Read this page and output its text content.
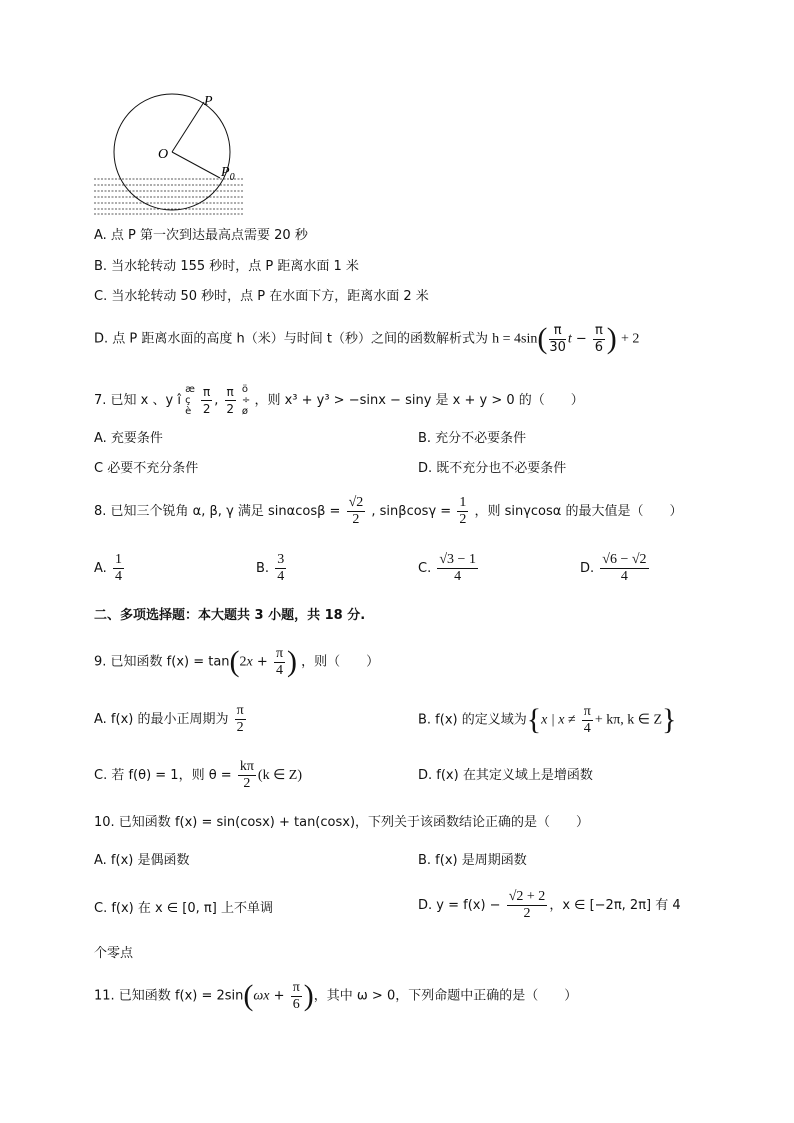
P
O
$P_0$
A. 点 P 第一次到达最高点需要 20 秒
B. 当水轮转动 155 秒时，点 P 距离水面 1 米
C. 当水轮转动 50 秒时，点 P 在水面下方，距离水面 2 米
D. 点 P 距离水面的高度 h（米）与时间 t（秒）之间的函数解析式为 $h = 4\sin( \frac{\pi}{30}$ $t - \frac{\pi}{6}$ ) + 2
7. 已知 x 、y î æ
ç
è $\frac{\pi}{2}$ , $\frac{\pi}{2}$ ö
÷
ø ，则 x³ + y³ > −sinx − siny 是 x + y > 0 的（　　）
A. 充要条件	B. 充分不必要条件
C 必要不充分条件	D. 既不充分也不必要条件
8. 已知三个锐角 α, β, γ 满足 $\sin\alpha\cos\beta = \frac{√2}{2}$ , $\sin\beta\cos\gamma = \frac{1}{2}$ ，则 sinγcosα 的最大值是（　　）
A. $\frac{1}{4}$	B. $\frac{3}{4}$	C. $\frac{√3 - 1}{4}$	D. $\frac{√6 - √2}{4}$
二、多项选择题：本大题共 3 小题，共 18 分.
9. 已知函数 $f(x) = \tan(2x + \frac{\pi}{4}$ ) ，则（　　）
A. f(x) 的最小正周期为 $\frac{\pi}{2}$	B. f(x) 的定义域为{x | $x \ne \frac{\pi}{4} + k\pi$, k ∈ Z}
C. 若 f(θ) = 1，则 $\theta = \frac{k\pi}{2} (k$ ∈ Z)	D. f(x) 在其定义域上是增函数
10. 已知函数 f(x) = sin(cosx) + tan(cosx)，下列关于该函数结论正确的是（　　）
A. f(x) 是偶函数	B. f(x) 是周期函数
C. f(x) 在 x ∈ [0, π] 上不单调	D. $y = f(x) - \frac{√2 + 2}{2}$ ，x ∈ [−2π, 2π] 有 4
个零点
11. 已知函数 $f(x) = 2\sin(\omega x + \frac{\pi}{6}$ )，其中 ω > 0，下列命题中正确的是（　　）
